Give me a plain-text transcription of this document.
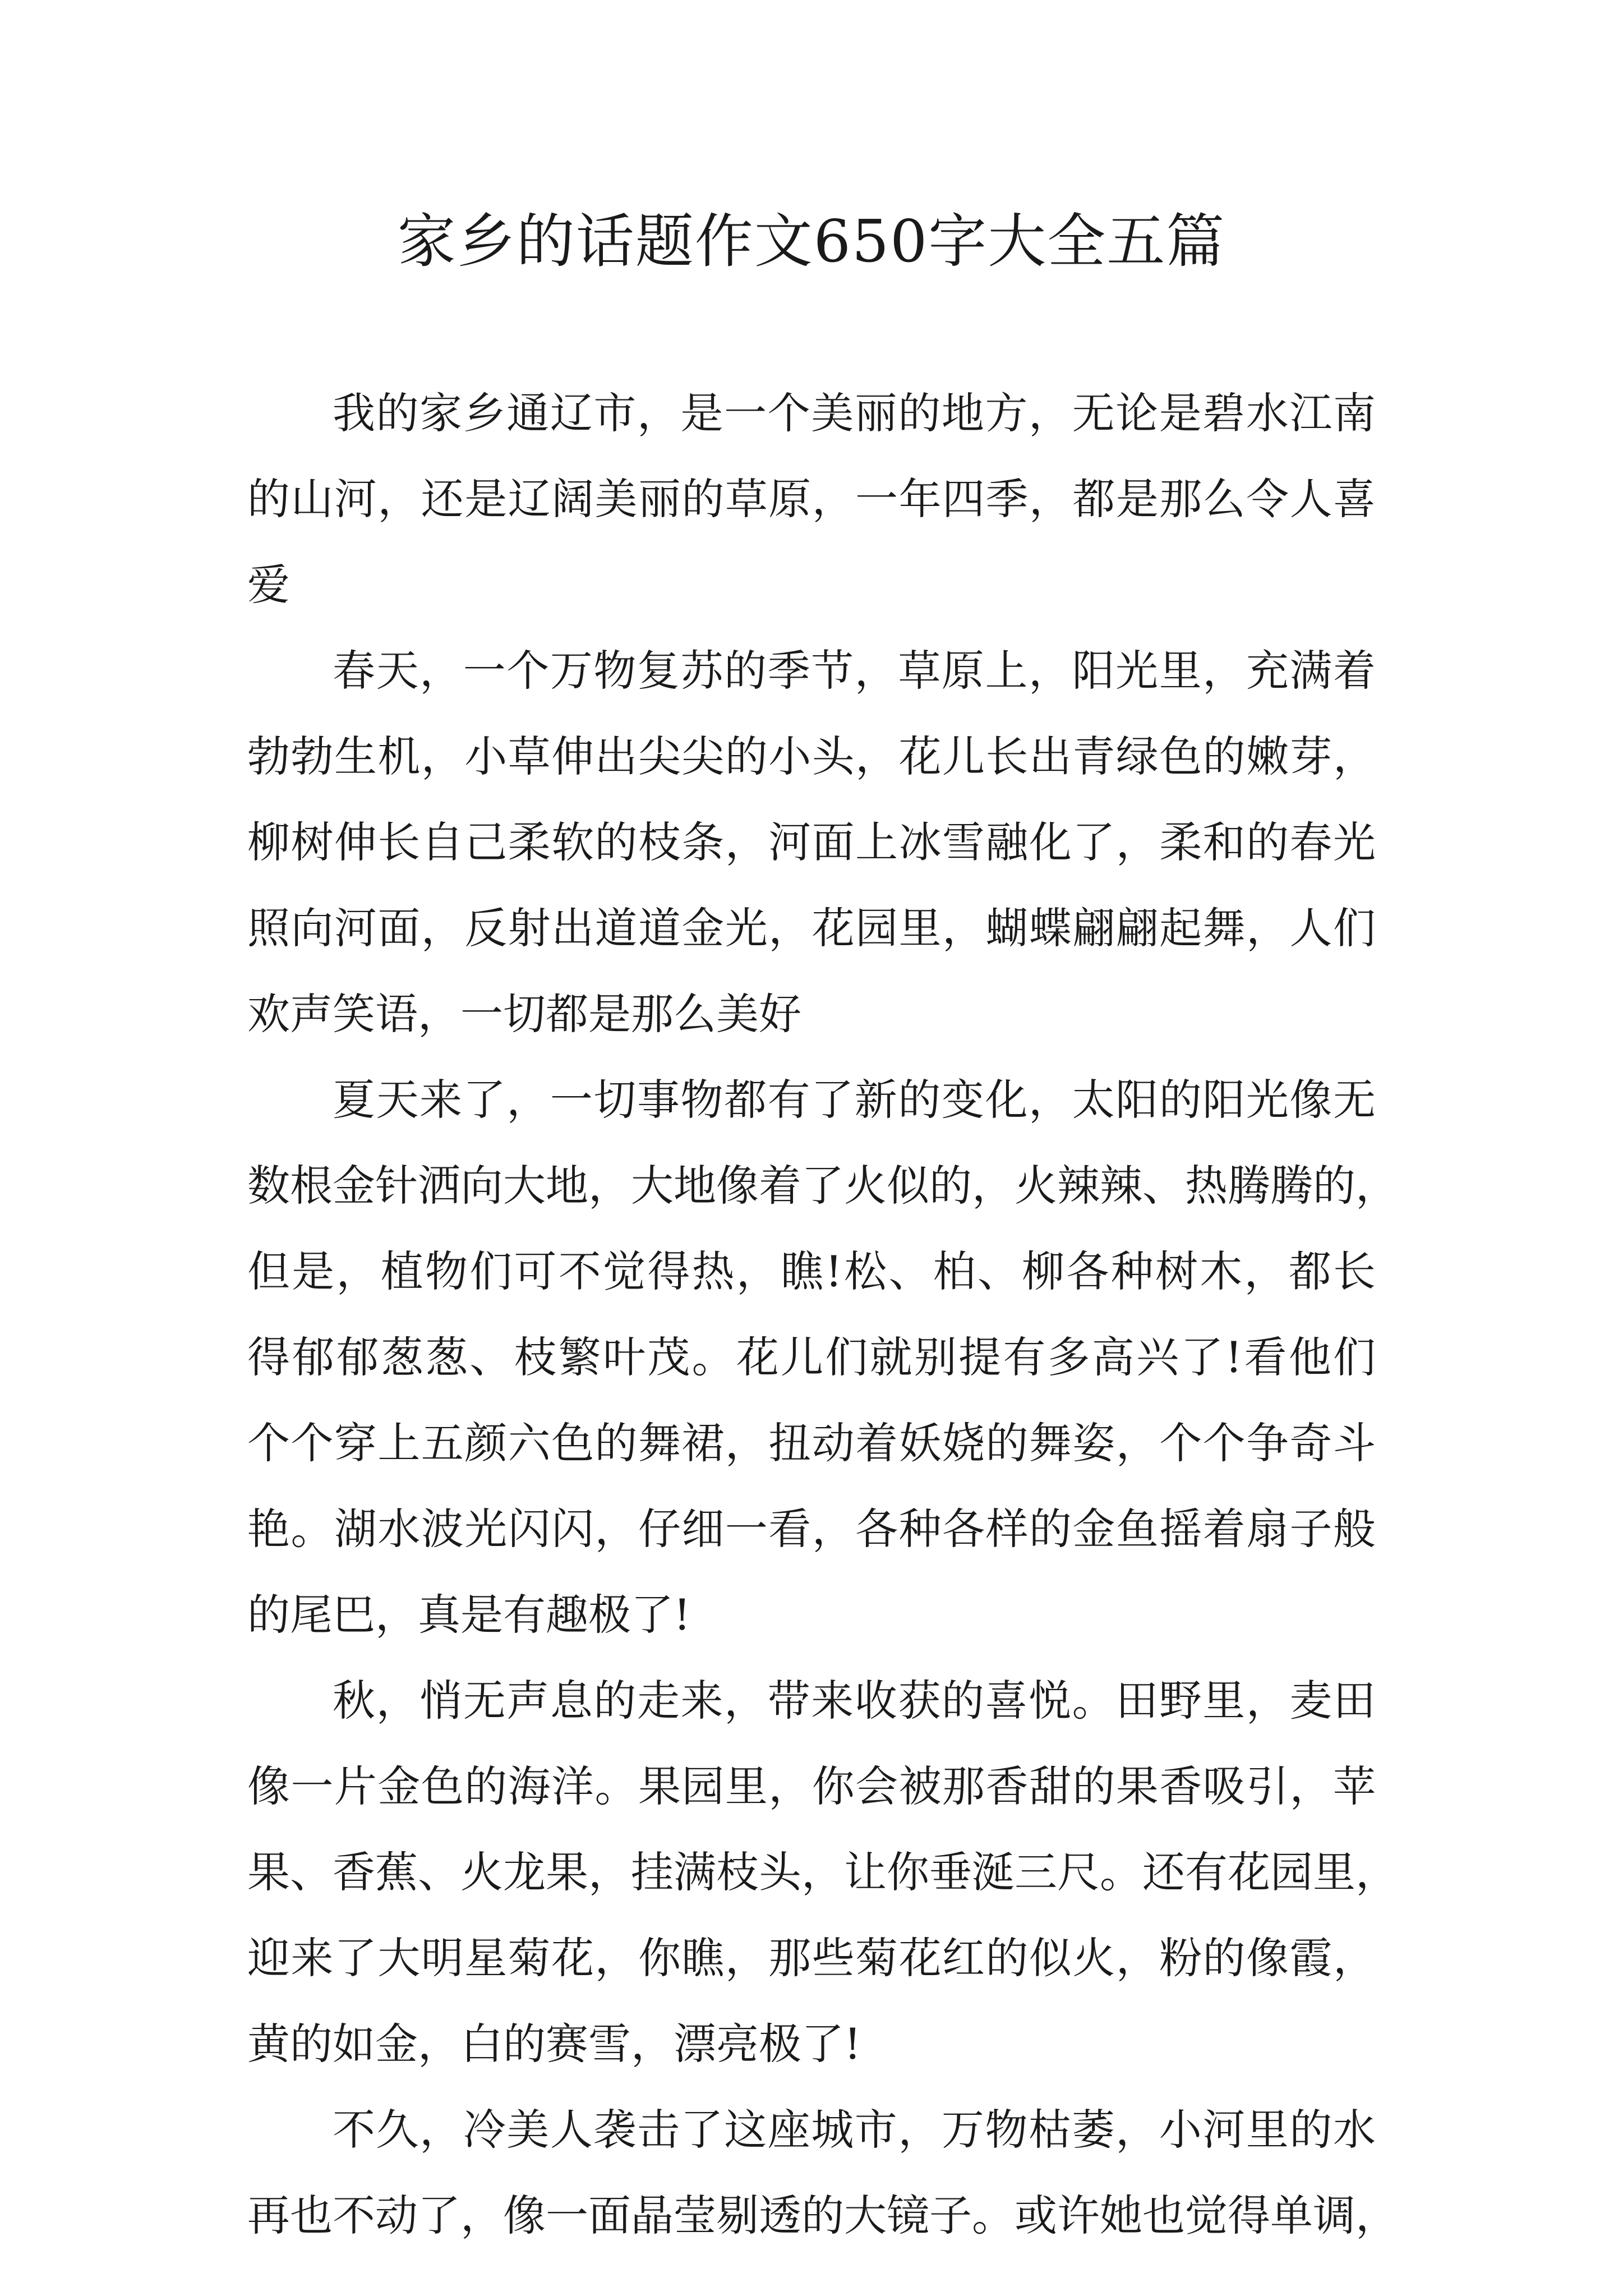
家乡的话题作文650字大全五篇
我的家乡通辽市，是一个美丽的地方，无论是碧水江南
的山河，还是辽阔美丽的草原，一年四季，都是那么令人喜
爱
春天，一个万物复苏的季节，草原上，阳光里，充满着
勃勃生机，小草伸出尖尖的小头，花儿长出青绿色的嫩芽，
柳树伸长自己柔软的枝条，河面上冰雪融化了，柔和的春光
照向河面，反射出道道金光，花园里，蝴蝶翩翩起舞，人们
欢声笑语，一切都是那么美好
夏天来了，一切事物都有了新的变化，太阳的阳光像无
数根金针洒向大地，大地像着了火似的，火辣辣、热腾腾的，
但是，植物们可不觉得热，瞧!松、柏、柳各种树木，都长
得郁郁葱葱、枝繁叶茂。花儿们就别提有多高兴了!看他们
个个穿上五颜六色的舞裙，扭动着妖娆的舞姿，个个争奇斗
艳。湖水波光闪闪，仔细一看，各种各样的金鱼摇着扇子般
的尾巴，真是有趣极了!
秋，悄无声息的走来，带来收获的喜悦。田野里，麦田
像一片金色的海洋。果园里，你会被那香甜的果香吸引，苹
果、香蕉、火龙果，挂满枝头，让你垂涎三尺。还有花园里，
迎来了大明星菊花，你瞧，那些菊花红的似火，粉的像霞，
黄的如金，白的赛雪，漂亮极了!
不久，冷美人袭击了这座城市，万物枯萎，小河里的水
再也不动了，像一面晶莹剔透的大镜子。或许她也觉得单调，
